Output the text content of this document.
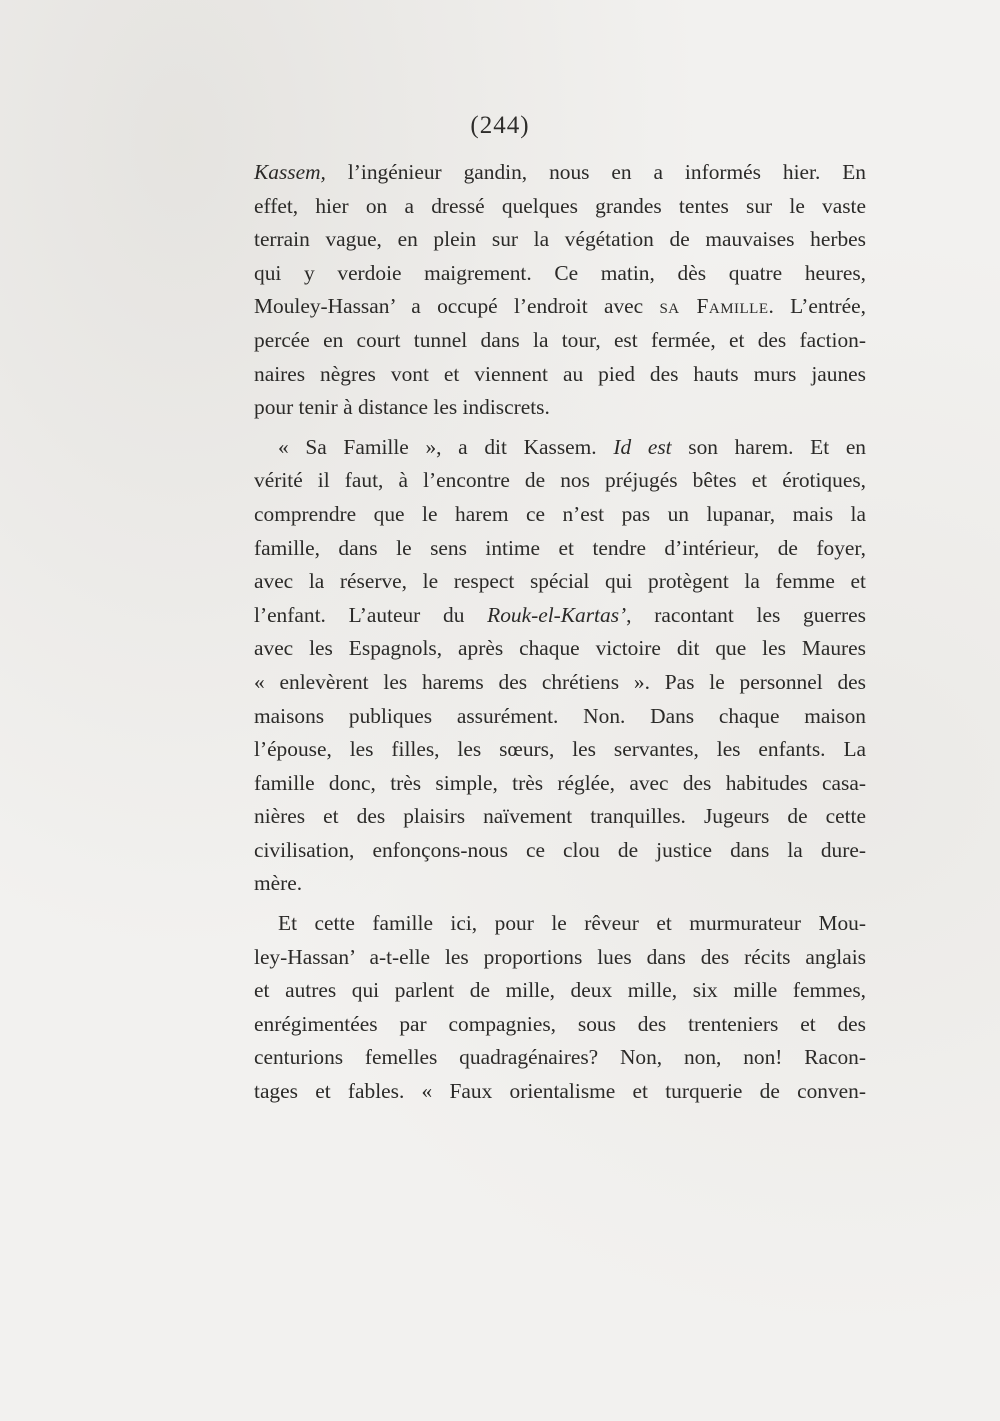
(244)
Kassem, l’ingénieur gandin, nous en a informés hier. En
effet, hier on a dressé quelques grandes tentes sur le vaste
terrain vague, en plein sur la végétation de mauvaises herbes
qui y verdoie maigrement. Ce matin, dès quatre heures,
Mouley-Hassan’ a occupé l’endroit avec sa Famille. L’entrée,
percée en court tunnel dans la tour, est fermée, et des faction-
naires nègres vont et viennent au pied des hauts murs jaunes
pour tenir à distance les indiscrets.
« Sa Famille », a dit Kassem. Id est son harem. Et en
vérité il faut, à l’encontre de nos préjugés bêtes et érotiques,
comprendre que le harem ce n’est pas un lupanar, mais la
famille, dans le sens intime et tendre d’intérieur, de foyer,
avec la réserve, le respect spécial qui protègent la femme et
l’enfant. L’auteur du Rouk-el-Kartas’, racontant les guerres
avec les Espagnols, après chaque victoire dit que les Maures
« enlevèrent les harems des chrétiens ». Pas le personnel des
maisons publiques assurément. Non. Dans chaque maison
l’épouse, les filles, les sœurs, les servantes, les enfants. La
famille donc, très simple, très réglée, avec des habitudes casa-
nières et des plaisirs naïvement tranquilles. Jugeurs de cette
civilisation, enfonçons-nous ce clou de justice dans la dure-
mère.
Et cette famille ici, pour le rêveur et murmurateur Mou-
ley-Hassan’ a-t-elle les proportions lues dans des récits anglais
et autres qui parlent de mille, deux mille, six mille femmes,
enrégimentées par compagnies, sous des trenteniers et des
centurions femelles quadragénaires? Non, non, non! Racon-
tages et fables. « Faux orientalisme et turquerie de conven-
